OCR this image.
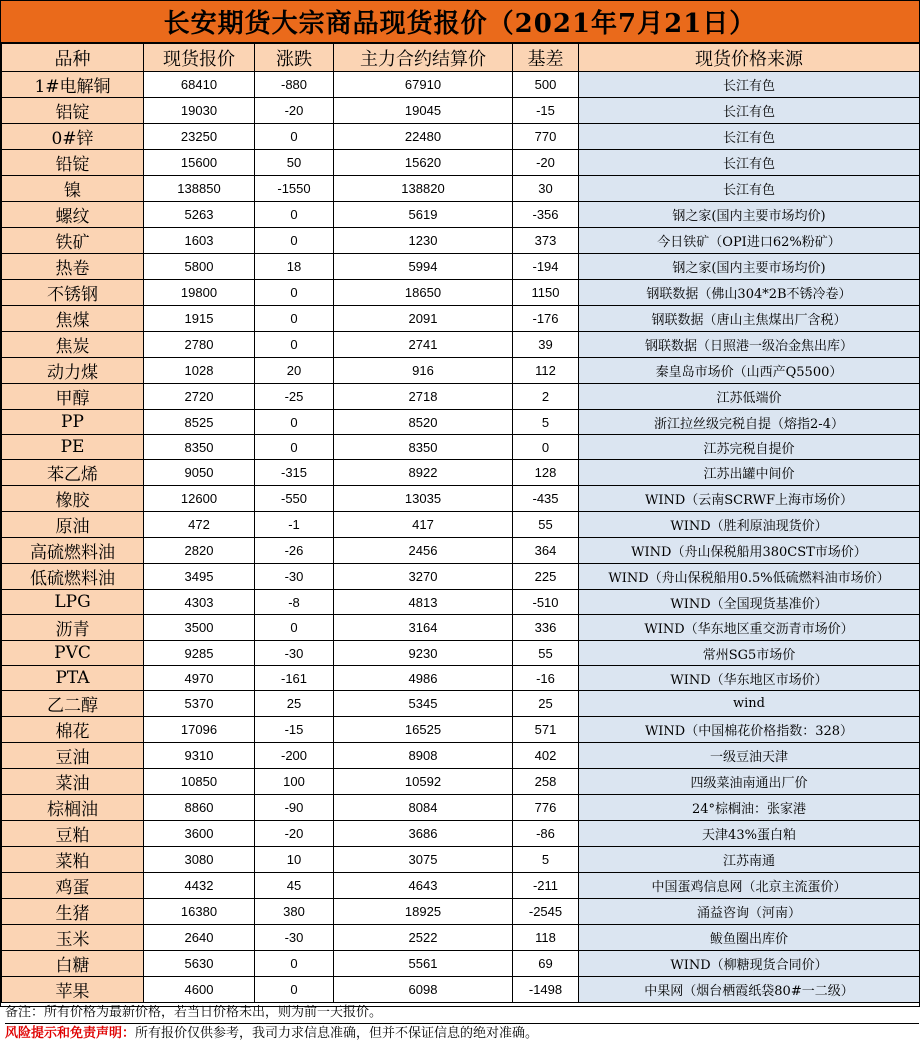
长安期货大宗商品现货报价（2021年7月21日）
品种	现货报价	涨跌	主力合约结算价	基差	现货价格来源
1#电解铜	68410	-880	67910	500	长江有色
铝锭	19030	-20	19045	-15	长江有色
0#锌	23250	0	22480	770	长江有色
铅锭	15600	50	15620	-20	长江有色
镍	138850	-1550	138820	30	长江有色
螺纹	5263	0	5619	-356	钢之家(国内主要市场均价)
铁矿	1603	0	1230	373	今日铁矿（OPI进口62%粉矿）
热卷	5800	18	5994	-194	钢之家(国内主要市场均价)
不锈钢	19800	0	18650	1150	钢联数据（佛山304*2B不锈冷卷）
焦煤	1915	0	2091	-176	钢联数据（唐山主焦煤出厂含税）
焦炭	2780	0	2741	39	钢联数据（日照港一级冶金焦出库）
动力煤	1028	20	916	112	秦皇岛市场价（山西产Q5500）
甲醇	2720	-25	2718	2	江苏低端价
PP	8525	0	8520	5	浙江拉丝级完税自提（熔指2-4）
PE	8350	0	8350	0	江苏完税自提价
苯乙烯	9050	-315	8922	128	江苏出罐中间价
橡胶	12600	-550	13035	-435	WIND（云南SCRWF上海市场价）
原油	472	-1	417	55	WIND（胜利原油现货价）
高硫燃料油	2820	-26	2456	364	WIND（舟山保税船用380CST市场价）
低硫燃料油	3495	-30	3270	225	WIND（舟山保税船用0.5%低硫燃料油市场价）
LPG	4303	-8	4813	-510	WIND（全国现货基准价）
沥青	3500	0	3164	336	WIND（华东地区重交沥青市场价）
PVC	9285	-30	9230	55	常州SG5市场价
PTA	4970	-161	4986	-16	WIND（华东地区市场价）
乙二醇	5370	25	5345	25	wind
棉花	17096	-15	16525	571	WIND（中国棉花价格指数：328）
豆油	9310	-200	8908	402	一级豆油天津
菜油	10850	100	10592	258	四级菜油南通出厂价
棕榈油	8860	-90	8084	776	24°棕榈油：张家港
豆粕	3600	-20	3686	-86	天津43%蛋白粕
菜粕	3080	10	3075	5	江苏南通
鸡蛋	4432	45	4643	-211	中国蛋鸡信息网（北京主流蛋价）
生猪	16380	380	18925	-2545	涌益咨询（河南）
玉米	2640	-30	2522	118	鲅鱼圈出库价
白糖	5630	0	5561	69	WIND（柳糖现货合同价）
苹果	4600	0	6098	-1498	中果网（烟台栖霞纸袋80#一二级）
备注：所有价格为最新价格，若当日价格未出，则为前一天报价。
风险提示和免责声明：所有报价仅供参考，我司力求信息准确，但并不保证信息的绝对准确。
